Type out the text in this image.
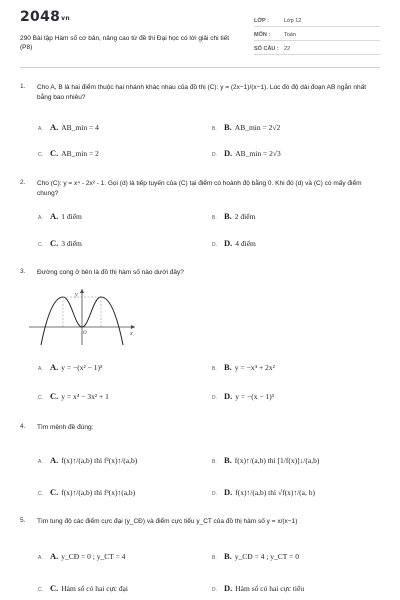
2048vn
290 Bài tập Hàm số cơ bản, nâng cao từ đề thi Đại học có lời giải chi tiết (P8)
LỚP :	Lớp 12
MÔN :	Toán
SỐ CÂU : 22
1. Cho A, B là hai điểm thuộc hai nhánh khác nhau của đồ thị (C): y = (2x−1)/(x−1). Lúc đó độ dài đoạn AB ngắn nhất bằng bao nhiêu?
A. A. AB_min = 4	B. B. AB_min = 2√2
C. C. AB_min = 2	D. D. AB_min = 2√3
2. Cho (C): y = x⁴ - 2x² - 1. Gọi (d) là tiếp tuyến của (C) tại điểm có hoành độ bằng 0. Khi đó (d) và (C) có mấy điểm chung?
A. A. 1 điểm	B. B. 2 điểm
C. C. 3 điểm	D. D. 4 điểm
3. Đường cong ở bên là đồ thị hàm số nào dưới đây?
y
x
O
A. A. y = −(x² − 1)²	B. B. y = −x⁴ + 2x²
C. C. y = x⁴ − 3x² + 1	D. D. y = −(x − 1)³
4. Tìm mệnh đề đúng:
A. A. f(x)↑/(a,b) thì f²(x)↑/(a,b)	B. B. f(x)↑/(a,b) thì [1/f(x)]↓/(a,b)
C. C. f(x)↑/(a,b) thì f³(x)↑(a,b)	D. D. f(x)↑/(a,b) thì √f(x)↑/(a, b)
5. Tìm tung độ các điểm cực đại (y_CĐ) và điểm cực tiểu y_CT của đồ thị hàm số y = x/(x−1)
A. A. y_CĐ = 0 ; y_CT = 4	B. B. y_CĐ = 4 ; y_CT = 0
C. C. Hàm số có hai cực đại	D. D. Hàm số có hai cực tiểu
